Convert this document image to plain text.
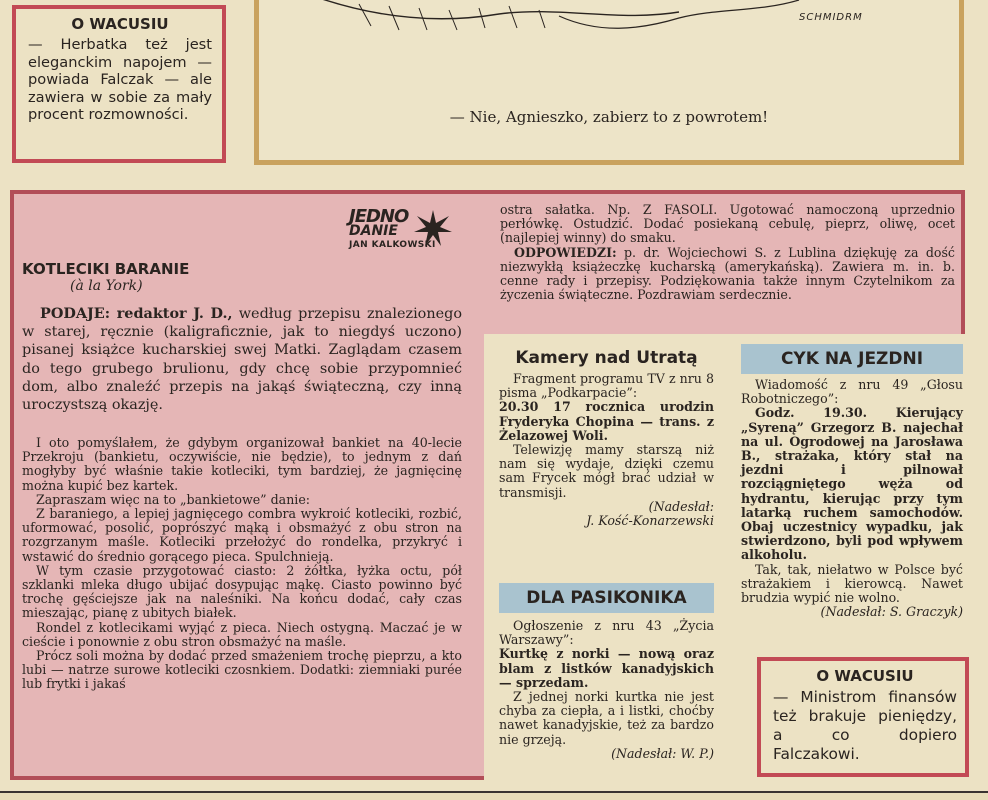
O WACUSIU

— Herbatka też jest eleganckim napojem — powiada Falczak — ale zawiera w sobie za mały procent rozmowności.

SCHMIDRM

— Nie, Agnieszko, zabierz to z powrotem!

JEDNO
DANIE
JAN KALKOWSKI
KOTLECIKI BARANIE

(à la York)

PODAJE: redaktor J. D., według przepisu znalezionego w starej, ręcznie (kaligraficznie, jak to niegdyś uczono) pisanej książce kucharskiej swej Matki. Zaglądam czasem do tego grubego brulionu, gdy chcę sobie przypomnieć dom, albo znaleźć przepis na jakąś świąteczną, czy inną uroczystszą okazję.

I oto pomyślałem, że gdybym organizował bankiet na 40-lecie Przekroju (bankietu, oczywiście, nie będzie), to jednym z dań mogłyby być właśnie takie kotleciki, tym bardziej, że jagnięcinę można kupić bez kartek.

Zapraszam więc na to „bankietowe” danie:

Z baraniego, a lepiej jagnięcego combra wykroić kotleciki, rozbić, uformować, posolić, poprószyć mąką i obsmażyć z obu stron na rozgrzanym maśle. Kotleciki przełożyć do rondelka, przykryć i wstawić do średnio gorącego pieca. Spulchnieją.

W tym czasie przygotować ciasto: 2 żółtka, łyżka octu, pół szklanki mleka długo ubijać dosypując mąkę. Ciasto powinno być trochę gęściejsze jak na naleśniki. Na końcu dodać, cały czas mieszając, pianę z ubitych białek.

Rondel z kotlecikami wyjąć z pieca. Niech ostygną. Maczać je w cieście i ponownie z obu stron obsmażyć na maśle.

Prócz soli można by dodać przed smażeniem trochę pieprzu, a kto lubi — natrze surowe kotleciki czosnkiem. Dodatki: ziemniaki purée lub frytki i jakaś

ostra sałatka. Np. Z FASOLI. Ugotować namoczoną uprzednio perłówkę. Ostudzić. Dodać posiekaną cebulę, pieprz, oliwę, ocet (najlepiej winny) do smaku.

ODPOWIEDZI: p. dr. Wojciechowi S. z Lublina dziękuję za dość niezwykłą książeczkę kucharską (amerykańską). Zawiera m. in. b. cenne rady i przepisy. Podziękowania także innym Czytelnikom za życzenia świąteczne. Pozdrawiam serdecznie.

Kamery nad Utratą

Fragment programu TV z nru 8 pisma „Podkarpacie”:

20.30 17 rocznica urodzin Fryderyka Chopina — trans. z Żelazowej Woli.

Telewizję mamy starszą niż nam się wydaje, dzięki czemu sam Frycek mógł brać udział w transmisji.

(Nadesłał:

J. Kość-Konarzewski

DLA PASIKONIKA

Ogłoszenie z nru 43 „Życia Warszawy”:

Kurtkę z norki — nową oraz blam z listków kanadyjskich — sprzedam.

Z jednej norki kurtka nie jest chyba za ciepła, a i listki, choćby nawet kanadyjskie, też za bardzo nie grzeją.

(Nadesłał: W. P.)

CYK NA JEZDNI

Wiadomość z nru 49 „Głosu Robotniczego”:

Godz. 19.30. Kierujący „Syreną” Grzegorz B. najechał na ul. Ogrodowej na Jarosława B., strażaka, który stał na jezdni i pilnował rozciągniętego węża od hydrantu, kierując przy tym latarką ruchem samochodów. Obaj uczestnicy wypadku, jak stwierdzono, byli pod wpływem alkoholu.

Tak, tak, niełatwo w Polsce być strażakiem i kierowcą. Nawet brudzia wypić nie wolno.

(Nadesłał: S. Graczyk)

O WACUSIU

— Ministrom finansów też brakuje pieniędzy, a co dopiero Falczakowi.
